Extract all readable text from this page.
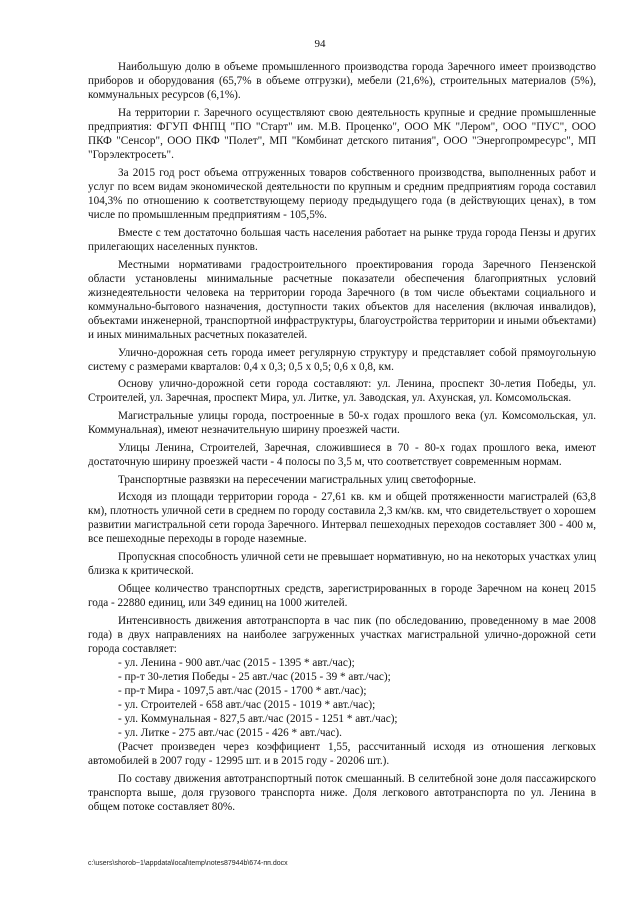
94

Наибольшую долю в объеме промышленного производства города Заречного имеет производство приборов и оборудования (65,7% в объеме отгрузки), мебели (21,6%), строительных материалов (5%), коммунальных ресурсов (6,1%).

На территории г. Заречного осуществляют свою деятельность крупные и средние промышленные предприятия: ФГУП ФНПЦ "ПО "Старт" им. М.В. Проценко", ООО МК "Лером", ООО "ПУС", ООО ПКФ "Сенсор", ООО ПКФ "Полет", МП "Комбинат детского питания", ООО "Энергопромресурс", МП "Горэлектросеть".

За 2015 год рост объема отгруженных товаров собственного производства, выполненных работ и услуг по всем видам экономической деятельности по крупным и средним предприятиям города составил 104,3% по отношению к соответствующему периоду предыдущего года (в действующих ценах), в том числе по промышленным предприятиям - 105,5%.

Вместе с тем достаточно большая часть населения работает на рынке труда города Пензы и других прилегающих населенных пунктов.

Местными нормативами градостроительного проектирования города Заречного Пензенской области установлены минимальные расчетные показатели обеспечения благоприятных условий жизнедеятельности человека на территории города Заречного (в том числе объектами социального и коммунально-бытового назначения, доступности таких объектов для населения (включая инвалидов), объектами инженерной, транспортной инфраструктуры, благоустройства территории и иными объектами) и иных минимальных расчетных показателей.

Улично-дорожная сеть города имеет регулярную структуру и представляет собой прямоугольную систему с размерами кварталов: 0,4 х 0,3; 0,5 х 0,5; 0,6 х 0,8, км.

Основу улично-дорожной сети города составляют: ул. Ленина, проспект 30-летия Победы, ул. Строителей, ул. Заречная, проспект Мира, ул. Литке, ул. Заводская, ул. Ахунская, ул. Комсомольская.

Магистральные улицы города, построенные в 50-х годах прошлого века (ул. Комсомольская, ул. Коммунальная), имеют незначительную ширину проезжей части.

Улицы Ленина, Строителей, Заречная, сложившиеся в 70 - 80-х годах прошлого века, имеют достаточную ширину проезжей части - 4 полосы по 3,5 м, что соответствует современным нормам.

Транспортные развязки на пересечении магистральных улиц светофорные.

Исходя из площади территории города - 27,61 кв. км и общей протяженности магистралей (63,8 км), плотность уличной сети в среднем по городу составила 2,3 км/кв. км, что свидетельствует о хорошем развитии магистральной сети города Заречного. Интервал пешеходных переходов составляет 300 - 400 м, все пешеходные переходы в городе наземные.

Пропускная способность уличной сети не превышает нормативную, но на некоторых участках улиц близка к критической.

Общее количество транспортных средств, зарегистрированных в городе Заречном на конец 2015 года - 22880 единиц, или 349 единиц на 1000 жителей.

Интенсивность движения автотранспорта в час пик (по обследованию, проведенному в мае 2008 года) в двух направлениях на наиболее загруженных участках магистральной улично-дорожной сети города составляет:

- ул. Ленина - 900 авт./час (2015 - 1395 * авт./час);
- пр-т 30-летия Победы - 25 авт./час (2015 - 39 * авт./час);
- пр-т Мира - 1097,5 авт./час (2015 - 1700 * авт./час);
- ул. Строителей - 658 авт./час (2015 - 1019 * авт./час);
- ул. Коммунальная - 827,5 авт./час (2015 - 1251 * авт./час);
- ул. Литке - 275 авт./час (2015 - 426 * авт./час).

(Расчет произведен через коэффициент 1,55, рассчитанный исходя из отношения легковых автомобилей в 2007 году - 12995 шт. и в 2015 году - 20206 шт.).

По составу движения автотранспортный поток смешанный. В селитебной зоне доля пассажирского транспорта выше, доля грузового транспорта ниже. Доля легкового автотранспорта по ул. Ленина в общем потоке составляет 80%.

c:\users\shorob~1\appdata\local\temp\notes87944b\674-пп.docx
